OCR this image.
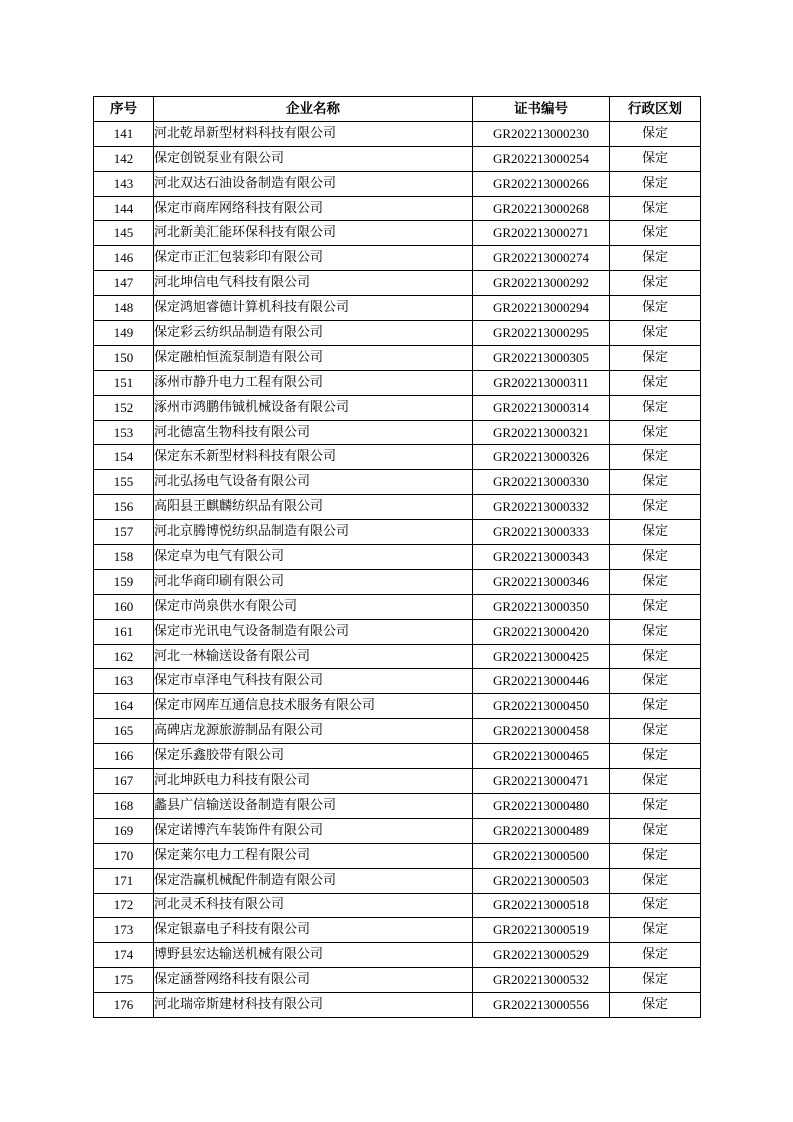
序号	企业名称	证书编号	行政区划
141	河北乾昂新型材料科技有限公司	GR202213000230	保定
142	保定创锐泵业有限公司	GR202213000254	保定
143	河北双达石油设备制造有限公司	GR202213000266	保定
144	保定市商库网络科技有限公司	GR202213000268	保定
145	河北新美汇能环保科技有限公司	GR202213000271	保定
146	保定市正汇包装彩印有限公司	GR202213000274	保定
147	河北坤信电气科技有限公司	GR202213000292	保定
148	保定鸿旭睿德计算机科技有限公司	GR202213000294	保定
149	保定彩云纺织品制造有限公司	GR202213000295	保定
150	保定融柏恒流泵制造有限公司	GR202213000305	保定
151	涿州市静升电力工程有限公司	GR202213000311	保定
152	涿州市鸿鹏伟铖机械设备有限公司	GR202213000314	保定
153	河北德富生物科技有限公司	GR202213000321	保定
154	保定东禾新型材料科技有限公司	GR202213000326	保定
155	河北弘扬电气设备有限公司	GR202213000330	保定
156	高阳县王麒麟纺织品有限公司	GR202213000332	保定
157	河北京腾博悦纺织品制造有限公司	GR202213000333	保定
158	保定卓为电气有限公司	GR202213000343	保定
159	河北华商印刷有限公司	GR202213000346	保定
160	保定市尚泉供水有限公司	GR202213000350	保定
161	保定市光讯电气设备制造有限公司	GR202213000420	保定
162	河北一林输送设备有限公司	GR202213000425	保定
163	保定市卓泽电气科技有限公司	GR202213000446	保定
164	保定市网库互通信息技术服务有限公司	GR202213000450	保定
165	高碑店龙源旅游制品有限公司	GR202213000458	保定
166	保定乐鑫胶带有限公司	GR202213000465	保定
167	河北坤跃电力科技有限公司	GR202213000471	保定
168	蠡县广信输送设备制造有限公司	GR202213000480	保定
169	保定诺博汽车装饰件有限公司	GR202213000489	保定
170	保定莱尔电力工程有限公司	GR202213000500	保定
171	保定浩赢机械配件制造有限公司	GR202213000503	保定
172	河北灵禾科技有限公司	GR202213000518	保定
173	保定银嘉电子科技有限公司	GR202213000519	保定
174	博野县宏达输送机械有限公司	GR202213000529	保定
175	保定涵誉网络科技有限公司	GR202213000532	保定
176	河北瑞帝斯建材科技有限公司	GR202213000556	保定
